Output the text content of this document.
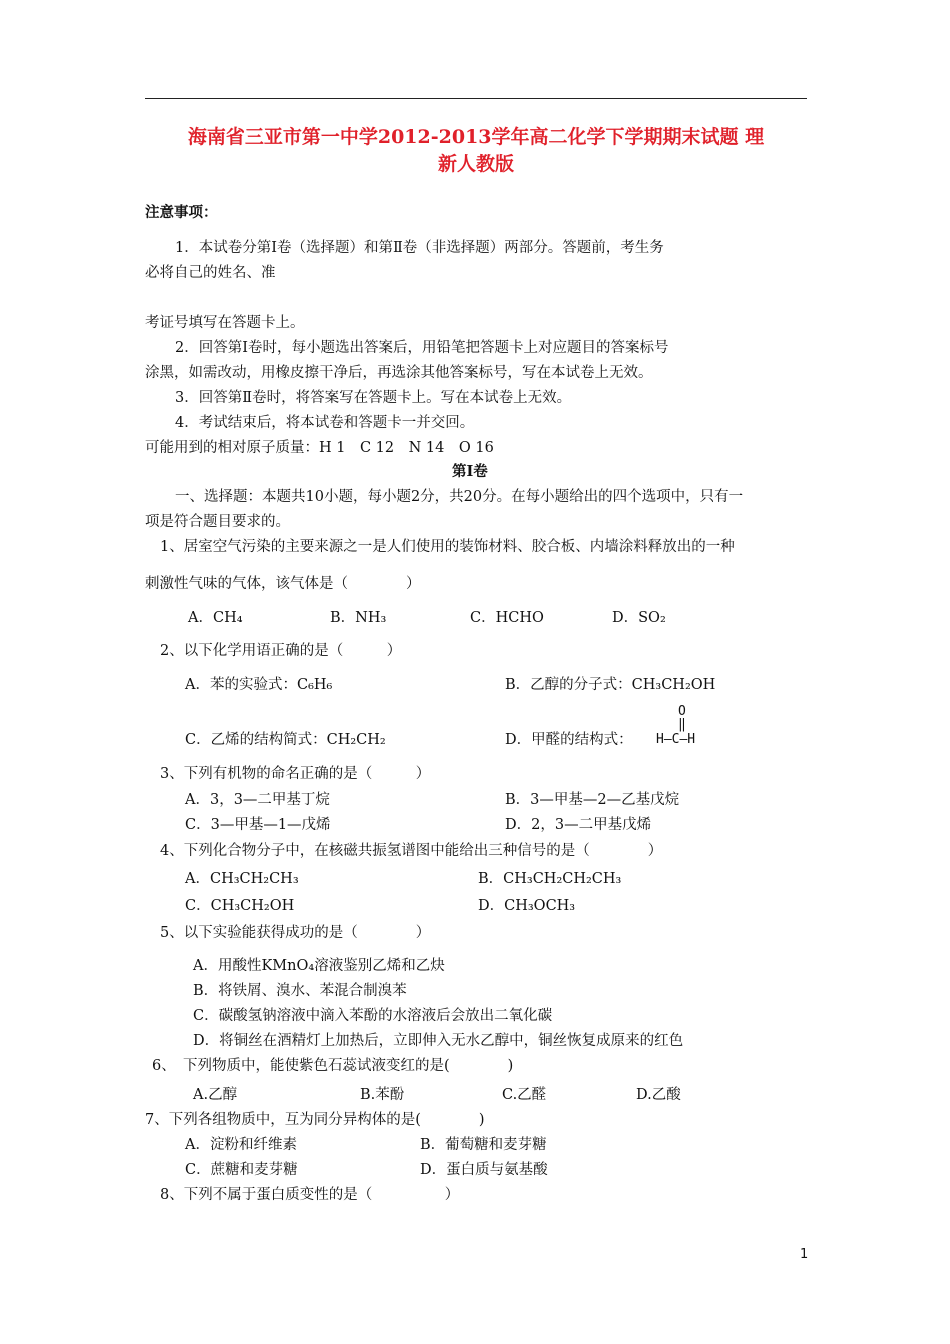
海南省三亚市第一中学2012-2013学年高二化学下学期期末试题 理
新人教版
注意事项：
1．本试卷分第Ⅰ卷（选择题）和第Ⅱ卷（非选择题）两部分。答题前，考生务
必将自己的姓名、准
考证号填写在答题卡上。
2．回答第Ⅰ卷时，每小题选出答案后，用铅笔把答题卡上对应题目的答案标号
涂黑，如需改动，用橡皮擦干净后，再选涂其他答案标号，写在本试卷上无效。
3．回答第Ⅱ卷时，将答案写在答题卡上。写在本试卷上无效。
4．考试结束后，将本试卷和答题卡一并交回。
可能用到的相对原子质量：H 1　C 12　N 14　O 16
第Ⅰ卷
一、选择题：本题共10小题，每小题2分，共20分。在每小题给出的四个选项中，只有一
项是符合题目要求的。
1、居室空气污染的主要来源之一是人们使用的装饰材料、胶合板、内墙涂料释放出的一种
刺激性气味的气体，该气体是（　　　　）
A．CH₄	B．NH₃	C．HCHO	D．SO₂
2、以下化学用语正确的是（　　　）
A．苯的实验式：C₆H₆	B．乙醇的分子式：CH₃CH₂OH
C．乙烯的结构简式：CH₂CH₂	D．甲醛的结构式：
O
‖
H—C—H
3、下列有机物的命名正确的是（　　　）
A．3，3—二甲基丁烷	B．3—甲基—2—乙基戊烷
C．3—甲基—1—戊烯	D．2，3—二甲基戊烯
4、下列化合物分子中，在核磁共振氢谱图中能给出三种信号的是（　　　　）
A．CH₃CH₂CH₃	B．CH₃CH₂CH₂CH₃
C．CH₃CH₂OH	D．CH₃OCH₃
5、以下实验能获得成功的是（　　　　）
A．用酸性KMnO₄溶液鉴别乙烯和乙炔
B．将铁屑、溴水、苯混合制溴苯
C．碳酸氢钠溶液中滴入苯酚的水溶液后会放出二氧化碳
D．将铜丝在酒精灯上加热后，立即伸入无水乙醇中，铜丝恢复成原来的红色
6、　下列物质中，能使紫色石蕊试液变红的是(　　　　)
A.乙醇	B.苯酚	C.乙醛	D.乙酸
7、下列各组物质中，互为同分异构体的是(　　　　)
A．淀粉和纤维素	B．葡萄糖和麦芽糖
C．蔗糖和麦芽糖	D．蛋白质与氨基酸
8、下列不属于蛋白质变性的是（　　　　　）
1
